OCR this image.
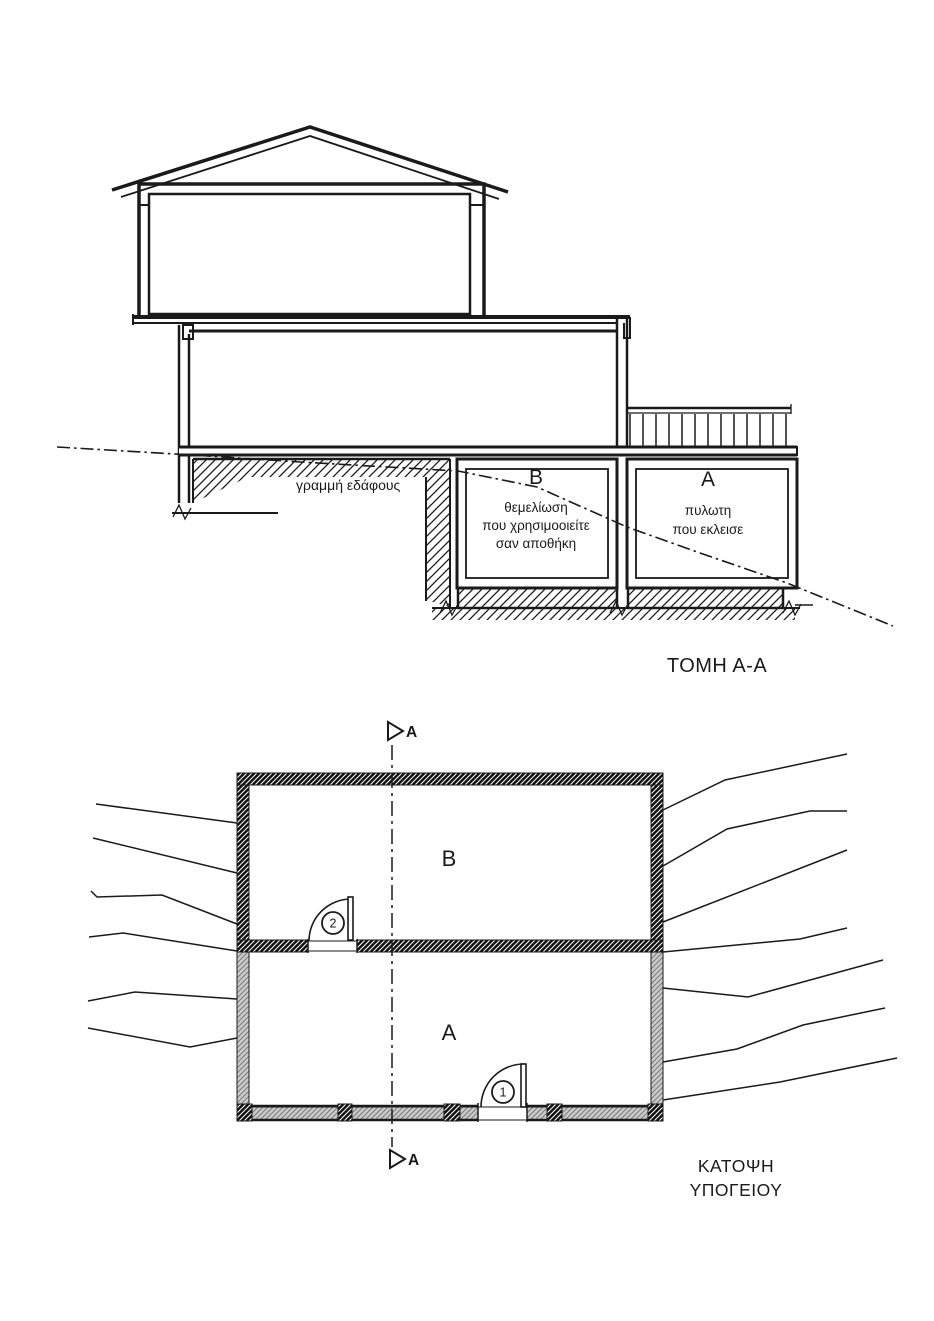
γραμμή εδάφους	B
θεμελίωση
που χρησιμοοιείτε
σαν αποθήκη
A
πυλωτη
που εκλεισε
ΤΟΜΗ Α-Α
2
1
A
A
B
A
ΚΑΤΟΨΗ
ΥΠΟΓΕΙΟΥ
